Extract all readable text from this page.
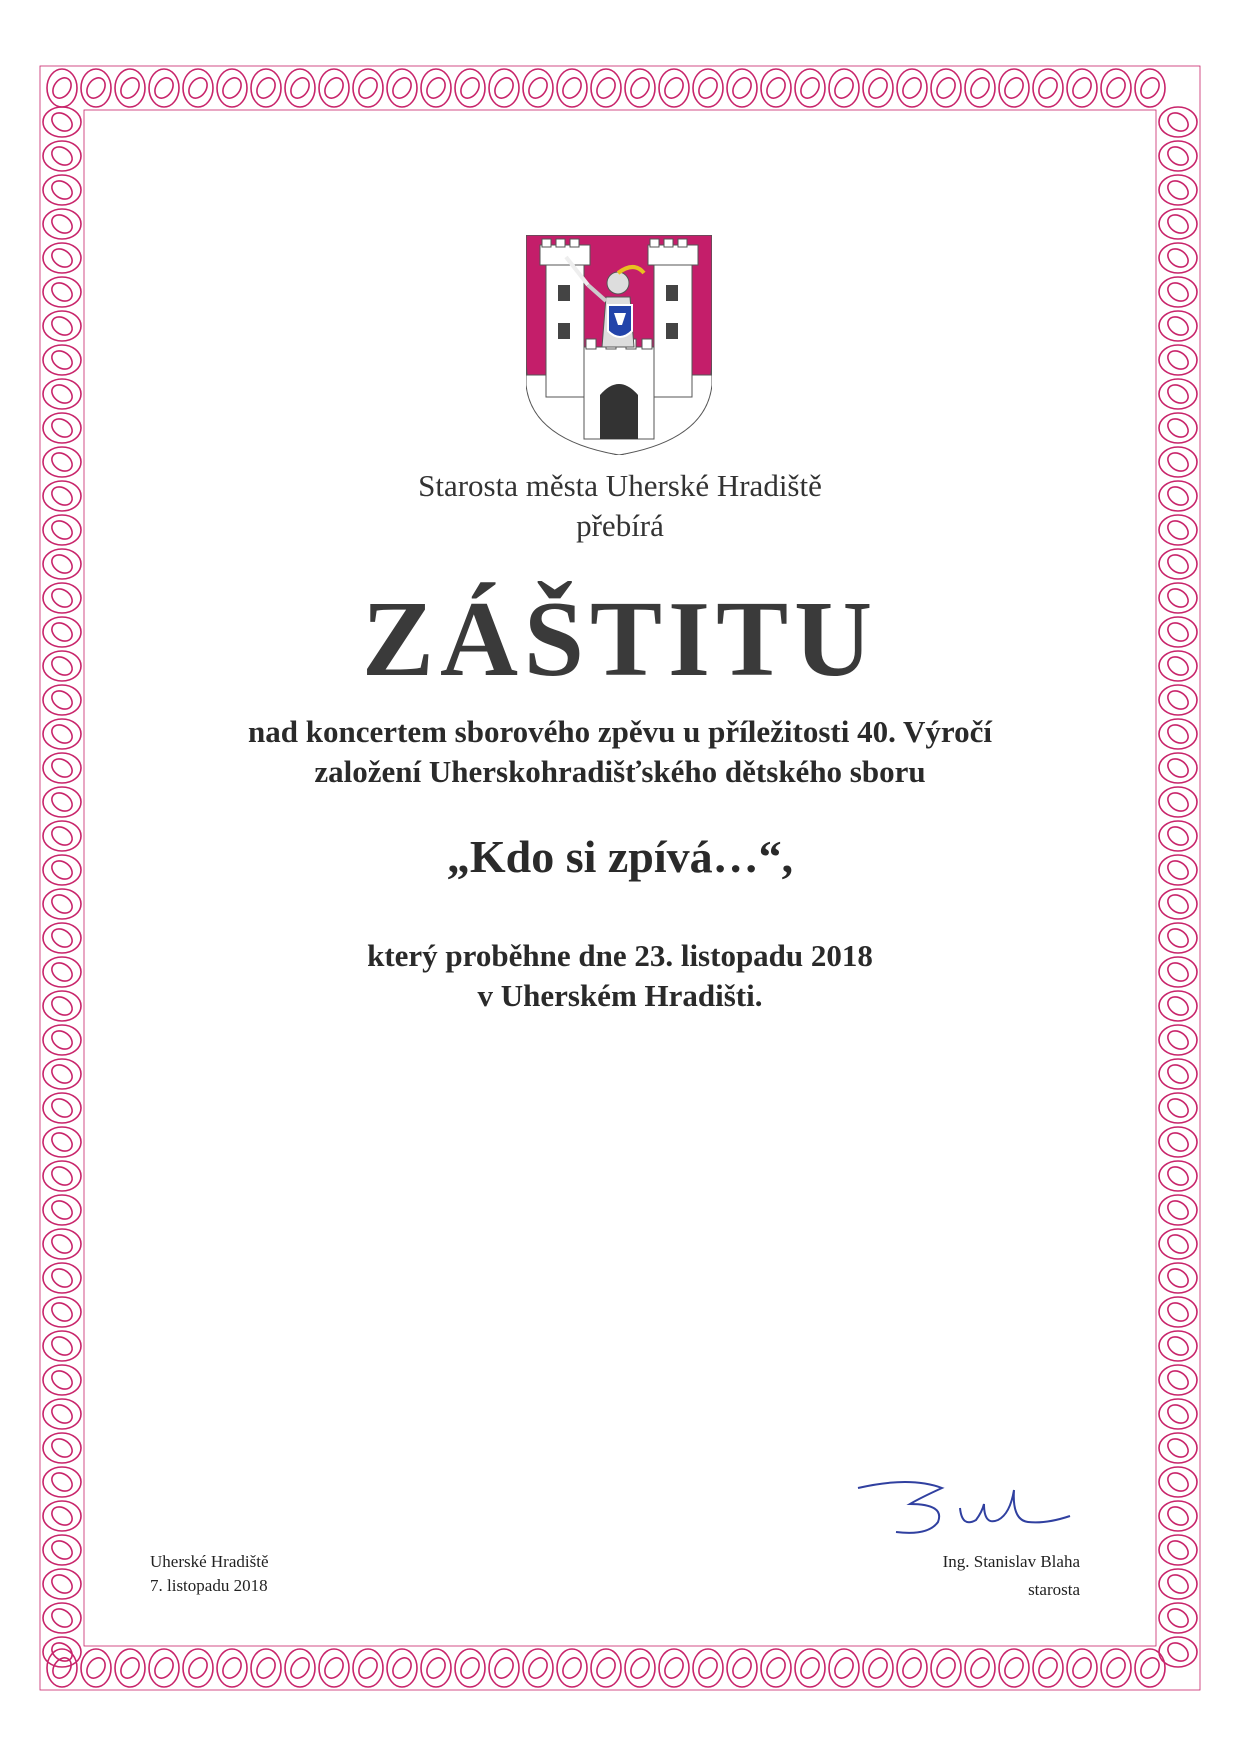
Starosta města Uherské Hradiště
přebírá
ZÁŠTITU
nad koncertem sborového zpěvu u příležitosti 40. Výročí
založení Uherskohradišťského dětského sboru
„Kdo si zpívá…“,
který proběhne dne 23. listopadu 2018
v Uherském Hradišti.
Uherské Hradiště
7. listopadu 2018
Ing. Stanislav Blaha
starosta
